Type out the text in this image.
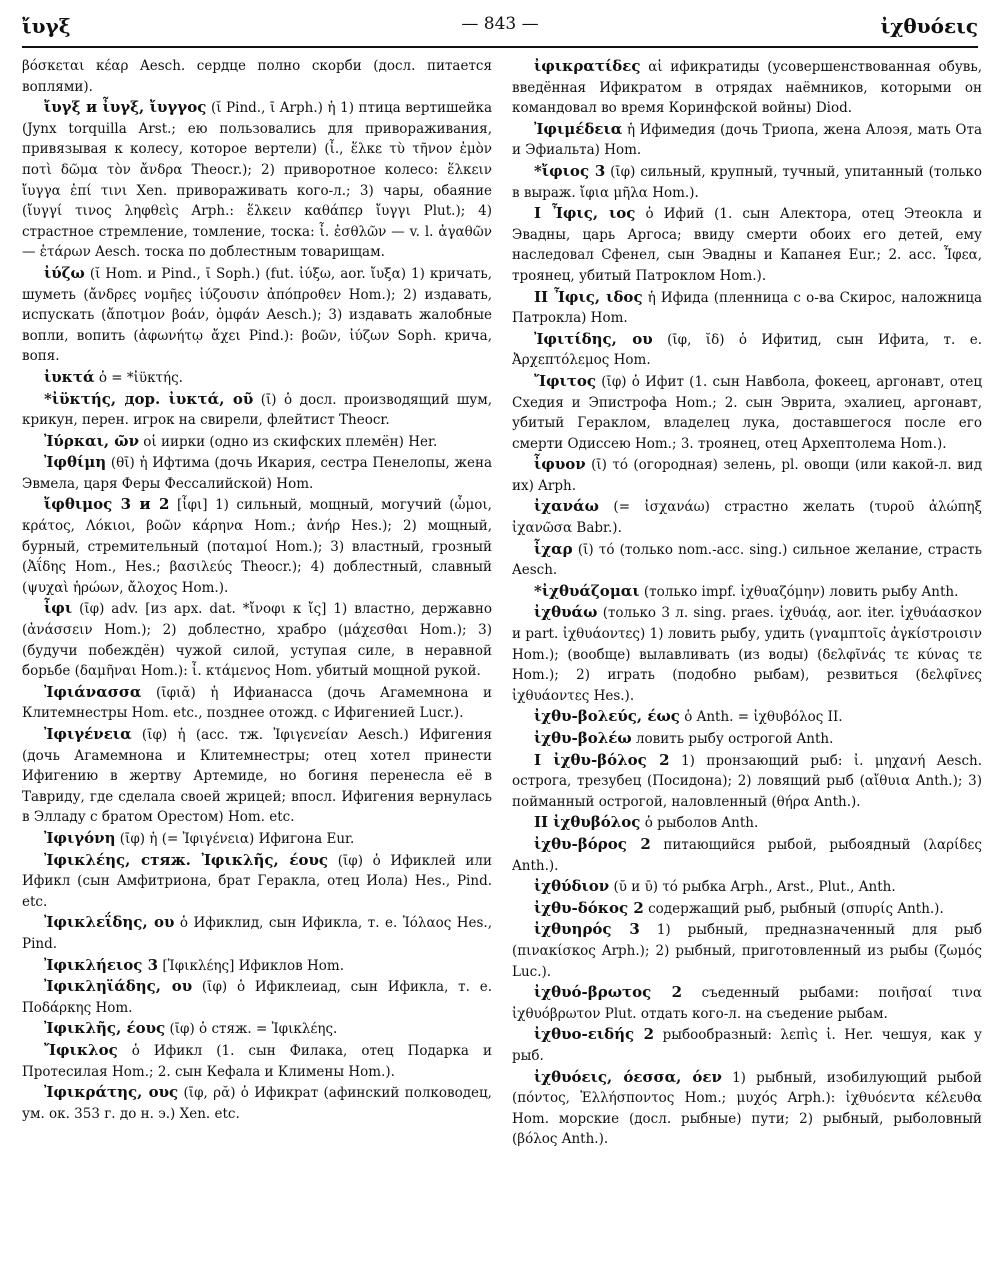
ἴυγξ	— 843 —	ἰχθυόεις

βόσκεται κέαρ Aesch. сердце полно скорби (досл. питается воплями).

ἴυγξ и ἶυγξ, ἴυγγος (ῐ Pind., ῑ Arph.) ἡ 1) птица вертишейка (Jynx torquilla Arst.; ею пользовались для привораживания, привязывая к колесу, которое вертели) (ἶ., ἕλκε τὺ τῆνον ἐμὸν ποτὶ δῶμα τὸν ἄνδρα Theocr.); 2) приворотное колесо: ἕλκειν ἴυγγα ἐπί τινι Xen. привораживать кого-л.; 3) чары, обаяние (ἴυγγί τινος ληφθεὶς Arph.: ἕλκειν καθάπερ ἴυγγι Plut.); 4) страстное стремление, томление, тоска: ἶ. ἐσθλῶν — v. l. ἀγαθῶν — ἑτάρων Aesch. тоска по доблестным товарищам.

ἰύζω (ῐ Hom. и Pind., ῑ Soph.) (fut. ἰύξω, aor. ἴυξα) 1) кричать, шуметь (ἄνδρες νομῆες ἰύζουσιν ἀπόπροθεν Hom.); 2) издавать, испускать (ἄποτμον βοάν, ὀμφάν Aesch.); 3) издавать жалобные вопли, вопить (ἀφωνήτῳ ἄχει Pind.): βοῶν, ἰύζων Soph. крича, вопя.

ἰυκτά ὁ = *ἰϋκτής.

*ἰϋκτής, дор. ἰυκτά, οῦ (ῑ) ὁ досл. производящий шум, крикун, перен. игрок на свирели, флейтист Theocr.

Ἰύρκαι, ῶν οἱ иирки (одно из скифских племён) Her.

Ἰφθίμη (θῑ) ἡ Ифтима (дочь Икария, сестра Пенелопы, жена Эвмела, царя Феры Фессалийской) Hom.

ἴφθιμος 3 и 2 [ἶφι] 1) сильный, мощный, могучий (ὦμοι, κράτος, Λόκιοι, βοῶν κάρηνα Hom.; ἀνήρ Hes.); 2) мощный, бурный, стремительный (ποταμοί Hom.); 3) властный, грозный (Ἀΐδης Hom., Hes.; βασιλεύς Theocr.); 4) доблестный, славный (ψυχαὶ ἡρώων, ἄλοχος Hom.).

ἶφι (ῑφ) adv. [из арх. dat. *ἴνοφι κ ἴς] 1) властно, державно (ἀνάσσειν Hom.); 2) доблестно, храбро (μάχεσθαι Hom.); 3) (будучи побеждён) чужой силой, уступая силе, в неравной борьбе (δαμῆναι Hom.): ἶ. κτάμενος Hom. убитый мощной рукой.

Ἰφιάνασσα (ῑφιᾰ) ἡ Ифианасса (дочь Агамемнона и Клитемнестры Hom. etc., позднее отожд. с Ифигенией Lucr.).

Ἰφιγένεια (ῑφ) ἡ (acc. тж. Ἰφιγενείαν Aesch.) Ифигения (дочь Агамемнона и Клитемнестры; отец хотел принести Ифигению в жертву Артемиде, но богиня перенесла её в Тавриду, где сделала своей жрицей; впосл. Ифигения вернулась в Элладу с братом Орестом) Hom. etc.

Ἰφιγόνη (ῑφ) ἡ (= Ἰφιγένεια) Ифигона Eur.

Ἰφικλέης, стяж. Ἰφικλῆς, έους (ῑφ) ὁ Ификлей или Ификл (сын Амфитриона, брат Геракла, отец Иола) Hes., Pind. etc.

Ἰφικλεΐδης, ου ὁ Ификлид, сын Ификла, т. е. Ἰόλαος Hes., Pind.

Ἰφικλήειος 3 [Ἰφικλέης] Ификлов Hom.

Ἰφικληϊάδης, ου (ῑφ) ὁ Ификлеиад, сын Ификла, т. е. Ποδάρκης Hom.

Ἰφικλῆς, έους (ῑφ) ὁ стяж. = Ἰφικλέης.

Ἴφικλος ὁ Ификл (1. сын Филака, отец Подарка и Протесилая Hom.; 2. сын Кефала и Климены Hom.).

Ἰφικράτης, ους (ῑφ, ρᾰ) ὁ Ификрат (афинский полководец, ум. ок. 353 г. до н. э.) Xen. etc.

ἰφικρατίδες αἱ ификратиды (усовершенствованная обувь, введённая Ификратом в отрядах наёмников, которыми он командовал во время Коринфской войны) Diod.

Ἰφιμέδεια ἡ Ифимедия (дочь Триопа, жена Алоэя, мать Ота и Эфиальта) Hom.

*ἴφιος 3 (ῑφ) сильный, крупный, тучный, упитанный (только в выраж. ἴφια μῆλα Hom.).

I Ἶφις, ιος ὁ Ифий (1. сын Алектора, отец Этеокла и Эвадны, царь Аргоса; ввиду смерти обоих его детей, ему наследовал Сфенел, сын Эвадны и Капанея Eur.; 2. acc. Ἶφεα, троянец, убитый Патроклом Hom.).

II Ἶφις, ιδος ἡ Ифида (пленница с о-ва Скирос, наложница Патрокла) Hom.

Ἰφιτίδης, ου (ῑφ, ῐδ) ὁ Ифитид, сын Ифита, т. е. Ἀρχεπτόλεμος Hom.

Ἴφιτος (ῑφ) ὁ Ифит (1. сын Навбола, фокеец, аргонавт, отец Схедия и Эпистрофа Hom.; 2. сын Эврита, эхалиец, аргонавт, убитый Гераклом, владелец лука, доставшегося после его смерти Одиссею Hom.; 3. троянец, отец Архептолема Hom.).

ἶφυον (ῑ) τό (огородная) зелень, pl. овощи (или какой-л. вид их) Arph.

ἰχανάω (= ἰσχανάω) страстно желать (τυροῦ ἀλώπηξ ἰχανῶσα Babr.).

ἶχαρ (ῑ) τό (только nom.-acc. sing.) сильное желание, страсть Aesch.

*ἰχθυάζομαι (только impf. ἰχθυαζόμην) ловить рыбу Anth.

ἰχθυάω (только 3 л. sing. praes. ἰχθυάᾳ, aor. iter. ἰχθυάασκον и part. ἰχθυάοντες) 1) ловить рыбу, удить (γναμπτοῖς ἀγκίστροισιν Hom.); (вообще) вылавливать (из воды) (δελφῖνάς τε κύνας τε Hom.); 2) играть (подобно рыбам), резвиться (δελφῖνες ἰχθυάοντες Hes.).

ἰχθυ-βολεύς, έως ὁ Anth. = ἰχθυβόλος II.

ἰχθυ-βολέω ловить рыбу острогой Anth.

I ἰχθυ-βόλος 2 1) пронзающий рыб: ἰ. μηχανή Aesch. острога, трезубец (Посидона); 2) ловящий рыб (αἴθυια Anth.); 3) пойманный острогой, наловленный (θήρα Anth.).

II ἰχθυβόλος ὁ рыболов Anth.

ἰχθυ-βόρος 2 питающийся рыбой, рыбоядный (λαρίδες Anth.).

ἰχθύδιον (ῠ и ῡ) τό рыбка Arph., Arst., Plut., Anth.

ἰχθυ-δόκος 2 содержащий рыб, рыбный (σπυρίς Anth.).

ἰχθυηρός 3 1) рыбный, предназначенный для рыб (πινακίσκος Arph.); 2) рыбный, приготовленный из рыбы (ζωμός Luc.).

ἰχθυό-βρωτος 2 съеденный рыбами: ποιῆσαί τινα ἰχθυόβρωτον Plut. отдать кого-л. на съедение рыбам.

ἰχθυο-ειδής 2 рыбообразный: λεπὶς ἰ. Her. чешуя, как у рыб.

ἰχθυόεις, όεσσα, όεν 1) рыбный, изобилующий рыбой (πόντος, Ἑλλήσποντος Hom.; μυχός Arph.): ἰχθυόεντα κέλευθα Hom. морские (досл. рыбные) пути; 2) рыбный, рыболовный (βόλος Anth.).
